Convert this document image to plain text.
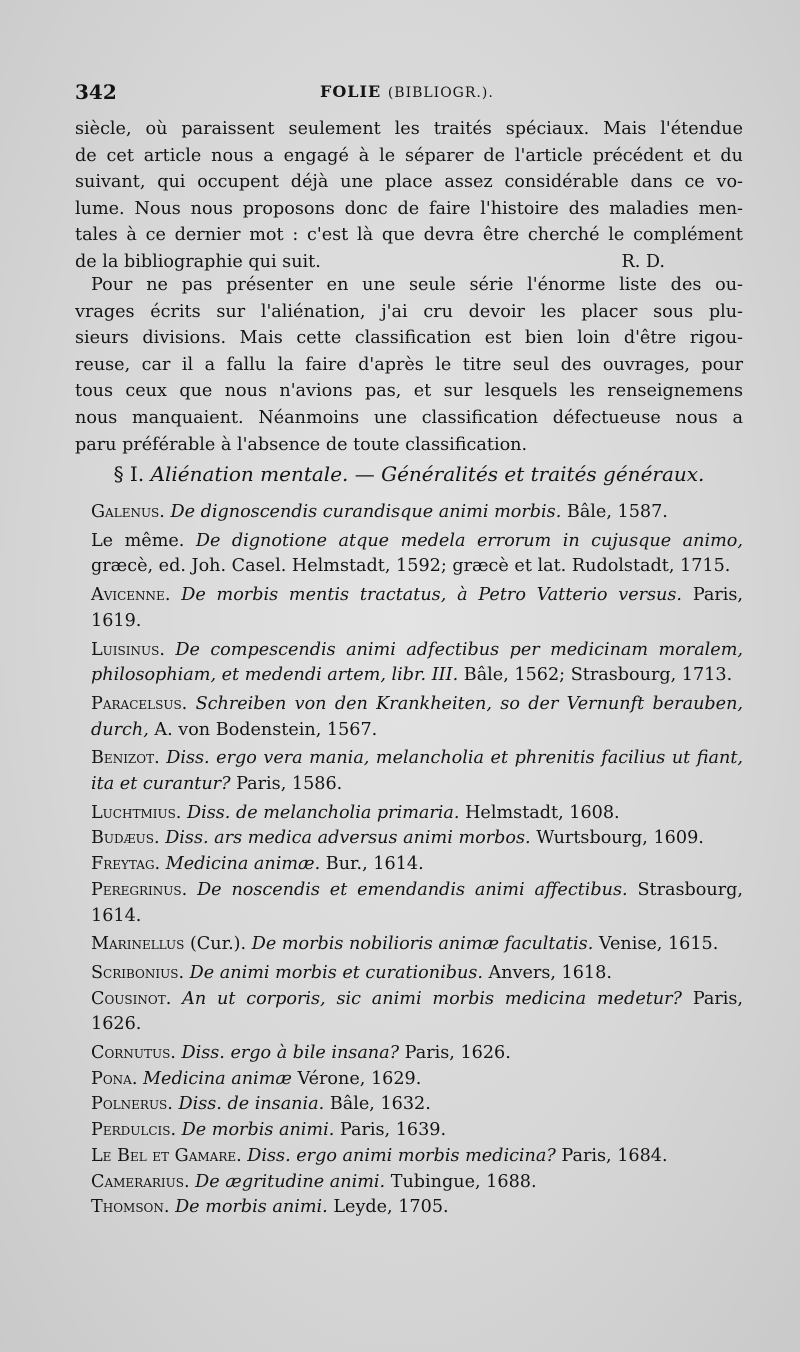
342	FOLIE (BIBLIOGR.).
siècle, où paraissent seulement les traités spéciaux. Mais l'étendue
de cet article nous a engagé à le séparer de l'article précédent et du
suivant, qui occupent déjà une place assez considérable dans ce vo-
lume. Nous nous proposons donc de faire l'histoire des maladies men-
tales à ce dernier mot : c'est là que devra être cherché le complément
de la bibliographie qui suit.	R. D.
Pour ne pas présenter en une seule série l'énorme liste des ou-
vrages écrits sur l'aliénation, j'ai cru devoir les placer sous plu-
sieurs divisions. Mais cette classification est bien loin d'être rigou-
reuse, car il a fallu la faire d'après le titre seul des ouvrages, pour
tous ceux que nous n'avions pas, et sur lesquels les renseignemens
nous manquaient. Néanmoins une classification défectueuse nous a
paru préférable à l'absence de toute classification.
§ I. Aliénation mentale. — Généralités et traités généraux.
Galenus. De dignoscendis curandisque animi morbis. Bâle, 1587.
Le même. De dignotione atque medela errorum in cujusque animo, græcè, ed. Joh. Casel. Helmstadt, 1592; græcè et lat. Rudolstadt, 1715.
Avicenne. De morbis mentis tractatus, à Petro Vatterio versus. Paris, 1619.
Luisinus. De compescendis animi adfectibus per medicinam moralem, philosophiam, et medendi artem, libr. III. Bâle, 1562; Strasbourg, 1713.
Paracelsus. Schreiben von den Krankheiten, so der Vernunft berauben, durch, A. von Bodenstein, 1567.
Benizot. Diss. ergo vera mania, melancholia et phrenitis facilius ut fiant, ita et curantur? Paris, 1586.
Luchtmius. Diss. de melancholia primaria. Helmstadt, 1608.
Budæus. Diss. ars medica adversus animi morbos. Wurtsbourg, 1609.
Freytag. Medicina animæ. Bur., 1614.
Peregrinus. De noscendis et emendandis animi affectibus. Strasbourg, 1614.
Marinellus (Cur.). De morbis nobilioris animæ facultatis. Venise, 1615.
Scribonius. De animi morbis et curationibus. Anvers, 1618.
Cousinot. An ut corporis, sic animi morbis medicina medetur? Paris, 1626.
Cornutus. Diss. ergo à bile insana? Paris, 1626.
Pona. Medicina animæ Vérone, 1629.
Polnerus. Diss. de insania. Bâle, 1632.
Perdulcis. De morbis animi. Paris, 1639.
Le Bel et Gamare. Diss. ergo animi morbis medicina? Paris, 1684.
Camerarius. De ægritudine animi. Tubingue, 1688.
Thomson. De morbis animi. Leyde, 1705.
